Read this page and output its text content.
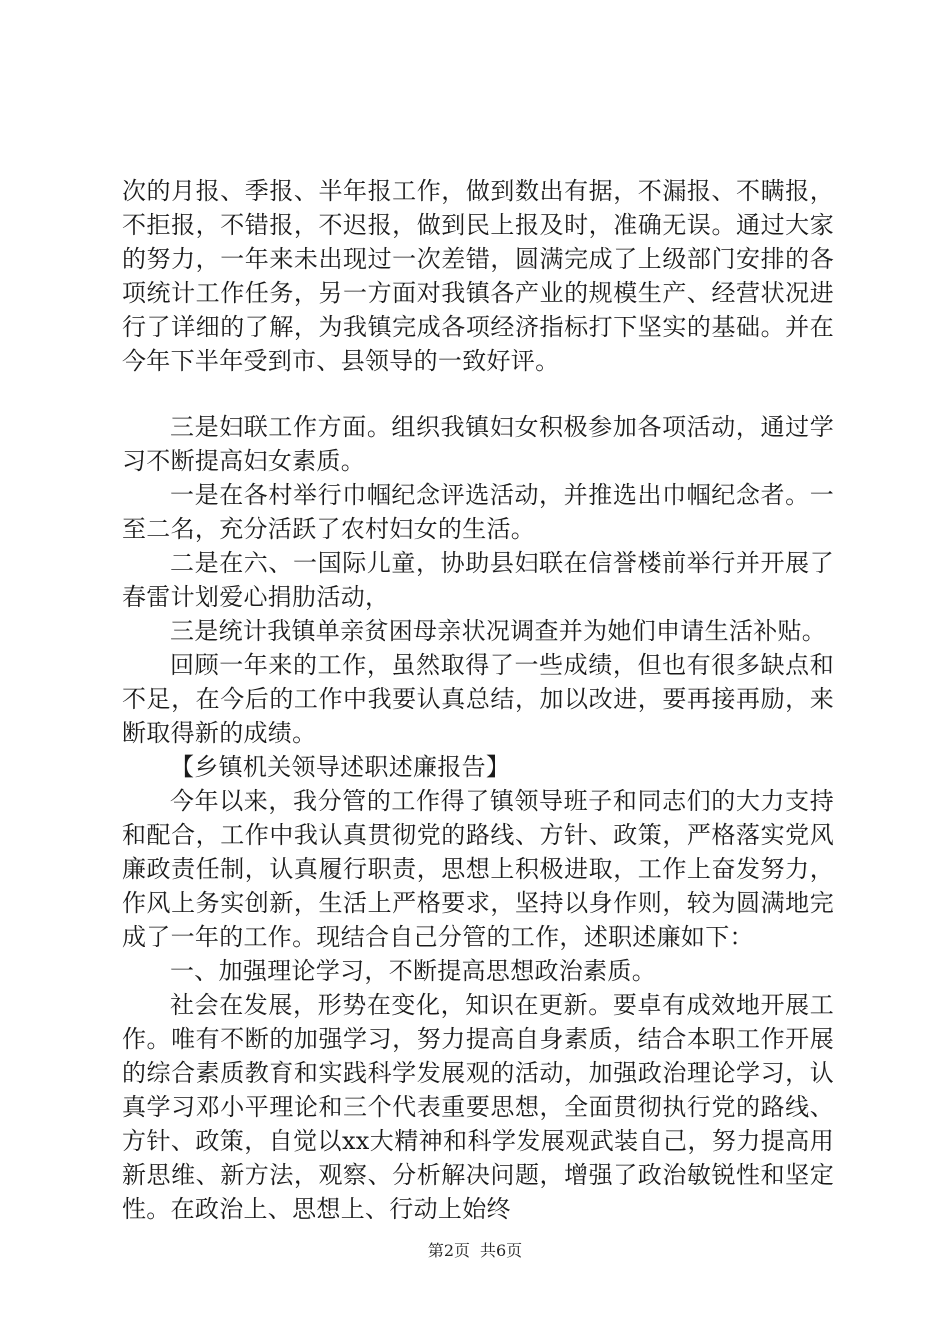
次的月报、季报、半年报工作，做到数出有据，不漏报、不瞒报，不拒报，不错报，不迟报，做到民上报及时，准确无误。通过大家的努力，一年来未出现过一次差错，圆满完成了上级部门安排的各项统计工作任务，另一方面对我镇各产业的规模生产、经营状况进行了详细的了解，为我镇完成各项经济指标打下坚实的基础。并在今年下半年受到市、县领导的一致好评。

三是妇联工作方面。组织我镇妇女积极参加各项活动，通过学习不断提高妇女素质。

一是在各村举行巾帼纪念评选活动，并推选出巾帼纪念者。一至二名，充分活跃了农村妇女的生活。

二是在六、一国际儿童，协助县妇联在信誉楼前举行并开展了春雷计划爱心捐肋活动，

三是统计我镇单亲贫困母亲状况调查并为她们申请生活补贴。

回顾一年来的工作，虽然取得了一些成绩，但也有很多缺点和不足，在今后的工作中我要认真总结，加以改进，要再接再励，来断取得新的成绩。

【乡镇机关领导述职述廉报告】

今年以来，我分管的工作得了镇领导班子和同志们的大力支持和配合，工作中我认真贯彻党的路线、方针、政策，严格落实党风廉政责任制，认真履行职责，思想上积极进取，工作上奋发努力，作风上务实创新，生活上严格要求，坚持以身作则，较为圆满地完成了一年的工作。现结合自己分管的工作，述职述廉如下：

一、加强理论学习，不断提高思想政治素质。

社会在发展，形势在变化，知识在更新。要卓有成效地开展工作。唯有不断的加强学习，努力提高自身素质，结合本职工作开展的综合素质教育和实践科学发展观的活动，加强政治理论学习，认真学习邓小平理论和三个代表重要思想，全面贯彻执行党的路线、方针、政策，自觉以xx大精神和科学发展观武装自己，努力提高用新思维、新方法，观察、分析解决问题，增强了政治敏锐性和坚定性。在政治上、思想上、行动上始终

第2页 共6页
